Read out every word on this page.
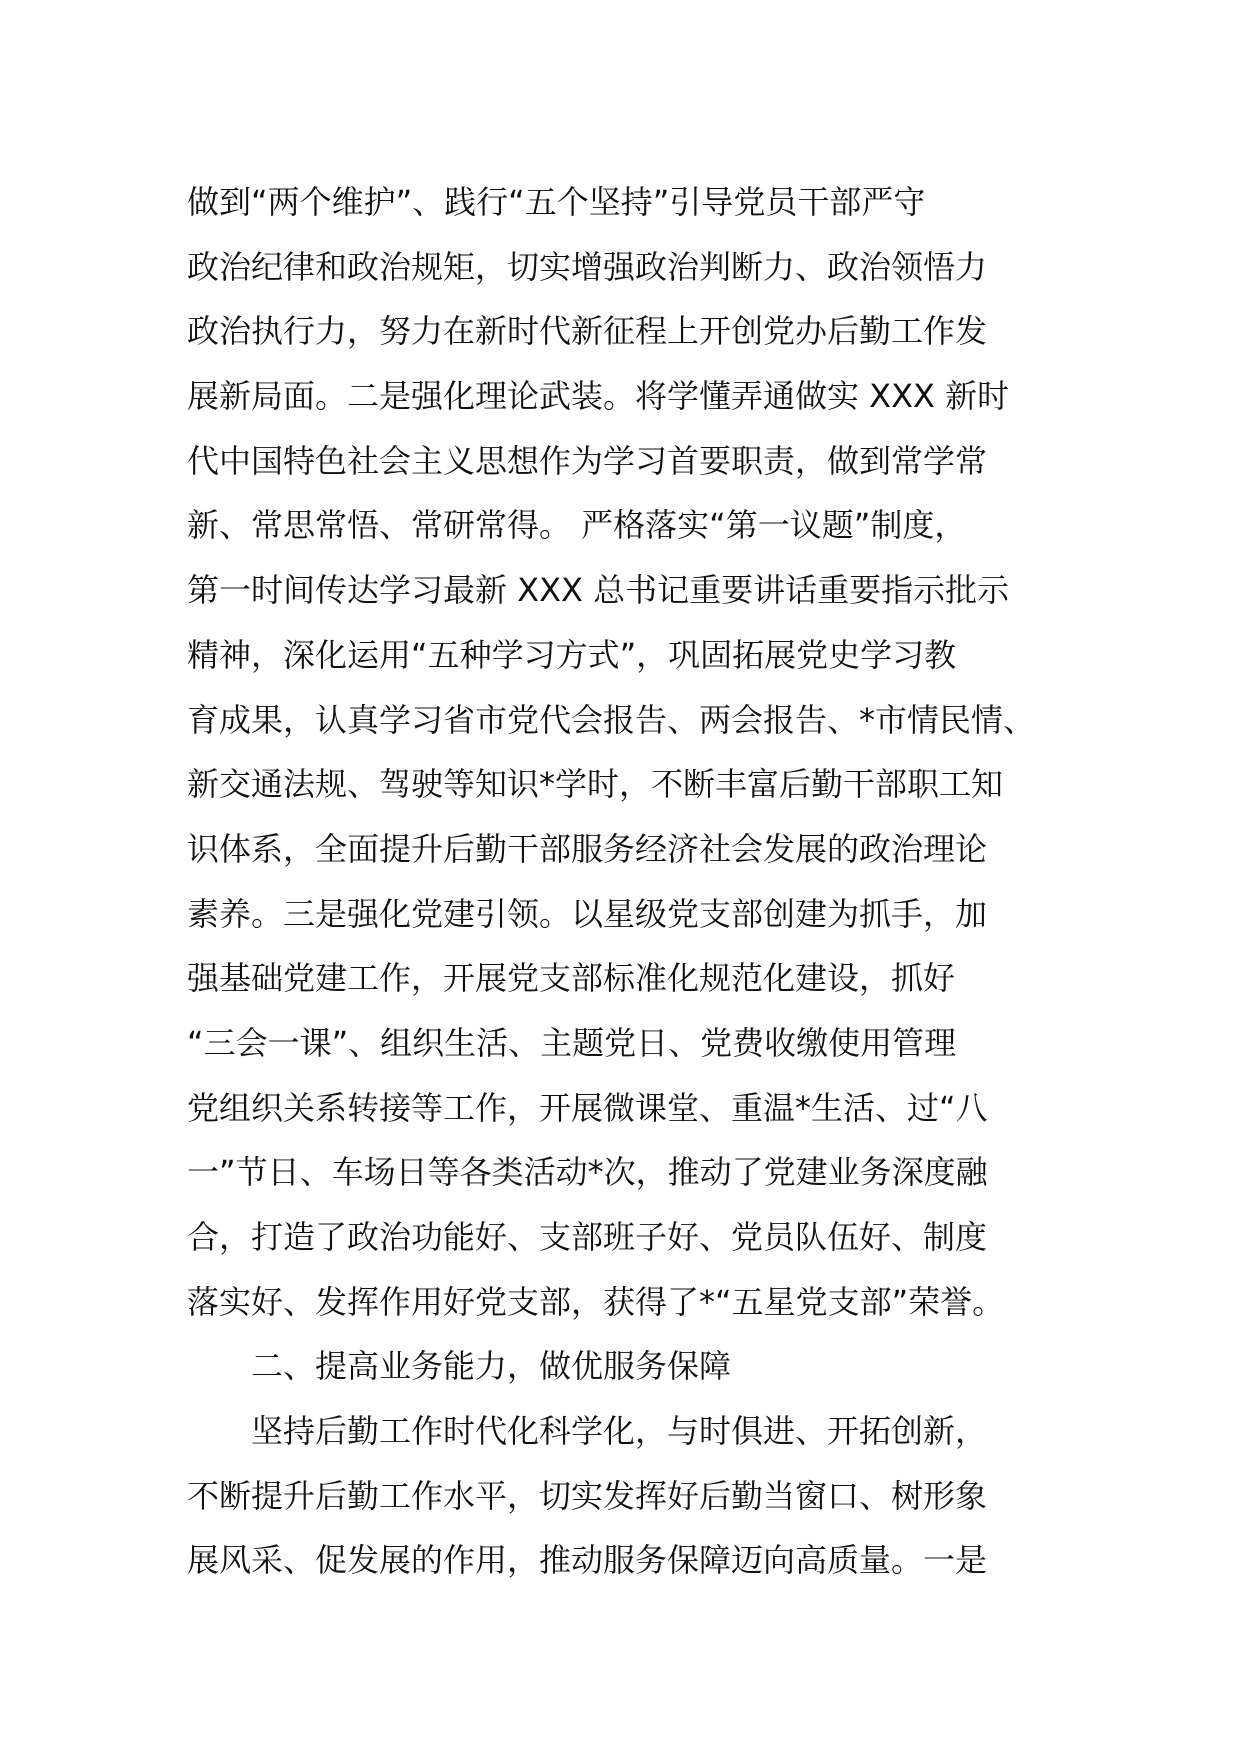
做到“两个维护”、践行“五个坚持”引导党员干部严守
政治纪律和政治规矩，切实增强政治判断力、政治领悟力
政治执行力，努力在新时代新征程上开创党办后勤工作发
展新局面。二是强化理论武装。将学懂弄通做实 XXX 新时
代中国特色社会主义思想作为学习首要职责，做到常学常
新、常思常悟、常研常得。 严格落实“第一议题”制度，
第一时间传达学习最新 XXX 总书记重要讲话重要指示批示
精神，深化运用“五种学习方式”，巩固拓展党史学习教
育成果，认真学习省市党代会报告、两会报告、*市情民情、
新交通法规、驾驶等知识*学时，不断丰富后勤干部职工知
识体系，全面提升后勤干部服务经济社会发展的政治理论
素养。三是强化党建引领。以星级党支部创建为抓手，加
强基础党建工作，开展党支部标准化规范化建设，抓好
“三会一课”、组织生活、主题党日、党费收缴使用管理
党组织关系转接等工作，开展微课堂、重温*生活、过“八
一”节日、车场日等各类活动*次，推动了党建业务深度融
合，打造了政治功能好、支部班子好、党员队伍好、制度
落实好、发挥作用好党支部，获得了*“五星党支部”荣誉。
二、提高业务能力，做优服务保障
坚持后勤工作时代化科学化，与时俱进、开拓创新，
不断提升后勤工作水平，切实发挥好后勤当窗口、树形象
展风采、促发展的作用，推动服务保障迈向高质量。一是
